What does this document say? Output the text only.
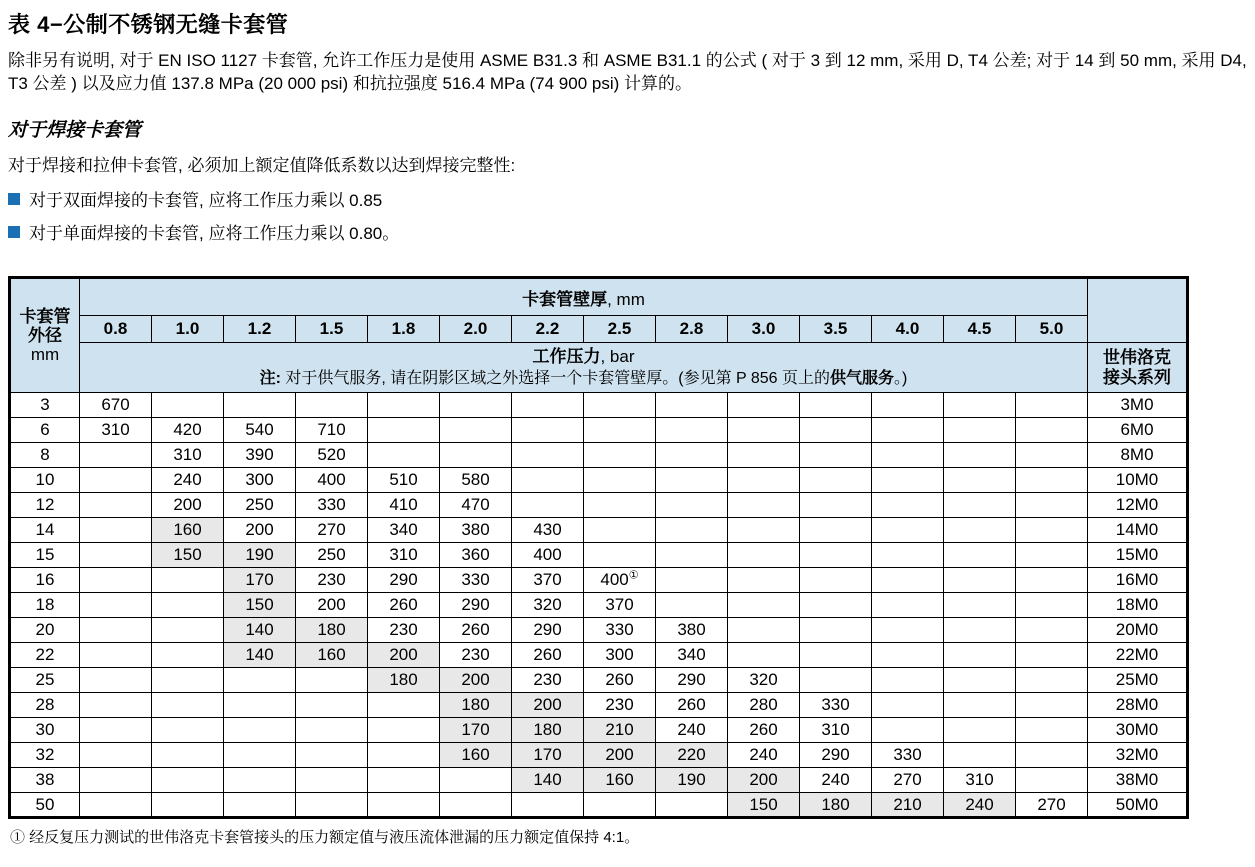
表 4−公制不锈钢无缝卡套管
除非另有说明, 对于 EN ISO 1127 卡套管, 允许工作压力是使用 ASME B31.3 和 ASME B31.1 的公式 ( 对于 3 到 12 mm, 采用 D, T4 公差; 对于 14 到 50 mm, 采用 D4, T3 公差 ) 以及应力值 137.8 MPa (20 000 psi) 和抗拉强度 516.4 MPa (74 900 psi) 计算的。
对于焊接卡套管
对于焊接和拉伸卡套管, 必须加上额定值降低系数以达到焊接完整性:
对于双面焊接的卡套管, 应将工作压力乘以 0.85
对于单面焊接的卡套管, 应将工作压力乘以 0.80。
卡套管
外径
mm	卡套管壁厚, mm														
	0.8	1.0	1.2	1.5	1.8	2.0	2.2	2.5	2.8	3.0	3.5	4.0	4.5	5.0	

工作压力, bar
注: 对于供气服务, 请在阴影区域之外选择一个卡套管壁厚。(参见第 P 856 页上的供气服务。)
	世伟洛克
接头系列
3	670														3M0
6	310	420	540	710											6M0
8		310	390	520											8M0
10		240	300	400	510	580									10M0
12		200	250	330	410	470									12M0
14		160	200	270	340	380	430								14M0
15		150	190	250	310	360	400								15M0
16			170	230	290	330	370	400①							16M0
18			150	200	260	290	320	370							18M0
20			140	180	230	260	290	330	380						20M0
22			140	160	200	230	260	300	340						22M0
25					180	200	230	260	290	320					25M0
28						180	200	230	260	280	330				28M0
30						170	180	210	240	260	310				30M0
32						160	170	200	220	240	290	330			32M0
38							140	160	190	200	240	270	310		38M0
50										150	180	210	240	270	50M0
① 经反复压力测试的世伟洛克卡套管接头的压力额定值与液压流体泄漏的压力额定值保持 4:1。
